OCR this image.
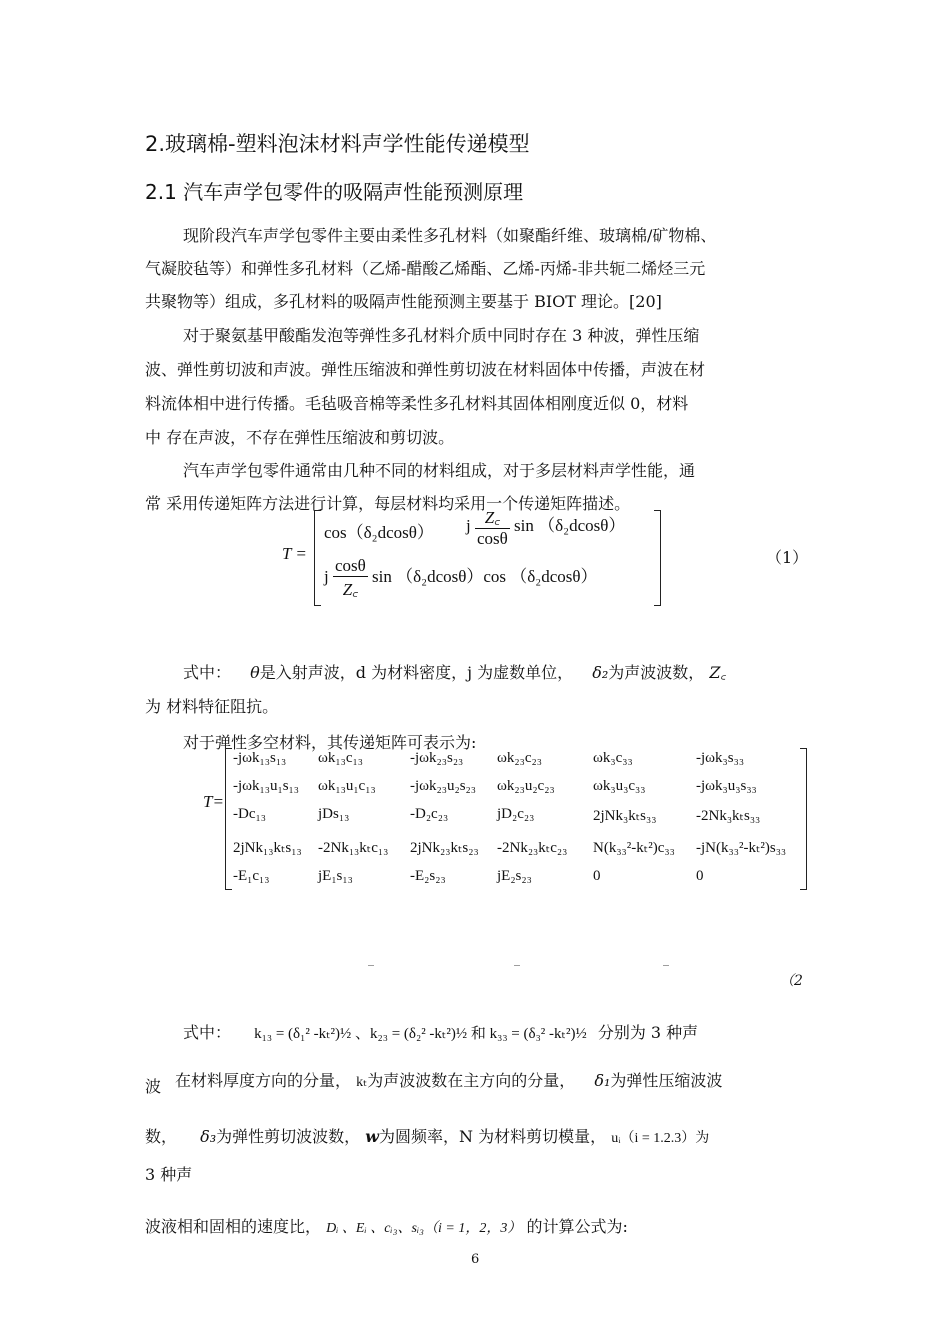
2.玻璃棉-塑料泡沫材料声学性能传递模型
2.1 汽车声学包零件的吸隔声性能预测原理
现阶段汽车声学包零件主要由柔性多孔材料（如聚酯纤维、玻璃棉/矿物棉、
气凝胶毡等）和弹性多孔材料（乙烯-醋酸乙烯酯、乙烯-丙烯-非共轭二烯烃三元
共聚物等）组成，多孔材料的吸隔声性能预测主要基于 BIOT 理论。[20]
对于聚氨基甲酸酯发泡等弹性多孔材料介质中同时存在 3 种波，弹性压缩
波、弹性剪切波和声波。弹性压缩波和弹性剪切波在材料固体中传播，声波在材
料流体相中进行传播。毛毡吸音棉等柔性多孔材料其固体相刚度近似 0，材料
中 存在声波，不存在弹性压缩波和剪切波。
汽车声学包零件通常由几种不同的材料组成，对于多层材料声学性能，通
常 采用传递矩阵方法进行计算，每层材料均采用一个传递矩阵描述。
T =
cos（δ₂dcosθ） j $\frac{Z꜀}{\cos\theta}$ sin （δ₂dcosθ）
j $\frac{\cos\theta}{Z꜀}$ sin （δ₂dcosθ）cos （δ₂dcosθ）
（1）
式中： θ是入射声波，d 为材料密度，j 为虚数单位， δ₂为声波波数， Z꜀
为 材料特征阻抗。
对于弹性多空材料，其传递矩阵可表示为:
T=
-jωk₁₃s₁₃ ωk₁₃c₁₃	-jωk₂₃s₂₃ ωk₂₃c₂₃	ωk₃c₃₃	-jωk₃s₃₃
-jωk₁₃u₁s₁₃ ωk₁₃u₁c₁₃ -jωk₂₃u₂s₂₃ ωk₂₃u₂c₂₃	ωk₃u₃c₃₃	-jωk₃u₃s₃₃
-Dc₁₃	jDs₁₃	-D₂c₂₃	jD₂c₂₃	2jNk₃kₜs₃₃	-2Nk₃kₜs₃₃
2jNk₁₃kₜs₁₃ -2Nk₁₃kₜc₁₃ 2jNk₂₃kₜs₂₃ -2Nk₂₃kₜc₂₃ N(k₃₃²-kₜ²)c₃₃ -jN(k₃₃²-kₜ²)s₃₃
-E₁c₁₃	jE₁s₁₃	-E₂s₂₃	jE₂s₂₃	0	0
_	_	_
（2
式中： k₁₃ = (δ₁² -kₜ²)½ 、k₂₃ = (δ₂² -kₜ²)½ 和 k₃₃ = (δ₃² -kₜ²)½ 分别为 3 种声
波 在材料厚度方向的分量， kₜ为声波波数在主方向的分量， δ₁为弹性压缩波波
数， δ₃为弹性剪切波波数， w为圆频率，N 为材料剪切模量， uᵢ（i = 1.2.3）为
3 种声
波液相和固相的速度比， Dᵢ 、Eᵢ 、cᵢ₃、sᵢ₃（i = 1，2，3） 的计算公式为:
6
